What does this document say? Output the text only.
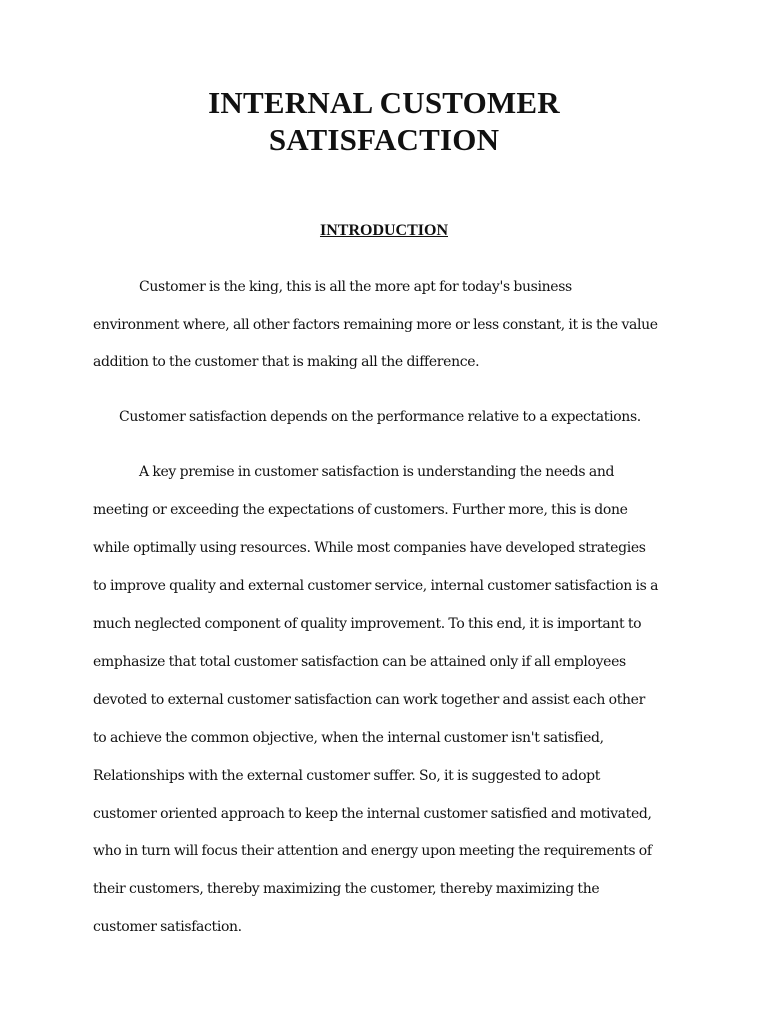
INTERNAL CUSTOMER
SATISFACTION
INTRODUCTION
Customer is the king, this is all the more apt for today's business
environment where, all other factors remaining more or less constant, it is the value
addition to the customer that is making all the difference.
Customer satisfaction depends on the performance relative to a expectations.
A key premise in customer satisfaction is understanding the needs and
meeting or exceeding the expectations of customers. Further more, this is done
while optimally using resources. While most companies have developed strategies
to improve quality and external customer service, internal customer satisfaction is a
much neglected component of quality improvement. To this end, it is important to
emphasize that total customer satisfaction can be attained only if all employees
devoted to external customer satisfaction can work together and assist each other
to achieve the common objective, when the internal customer isn't satisfied,
Relationships with the external customer suffer. So, it is suggested to adopt
customer oriented approach to keep the internal customer satisfied and motivated,
who in turn will focus their attention and energy upon meeting the requirements of
their customers, thereby maximizing the customer, thereby maximizing the
customer satisfaction.
